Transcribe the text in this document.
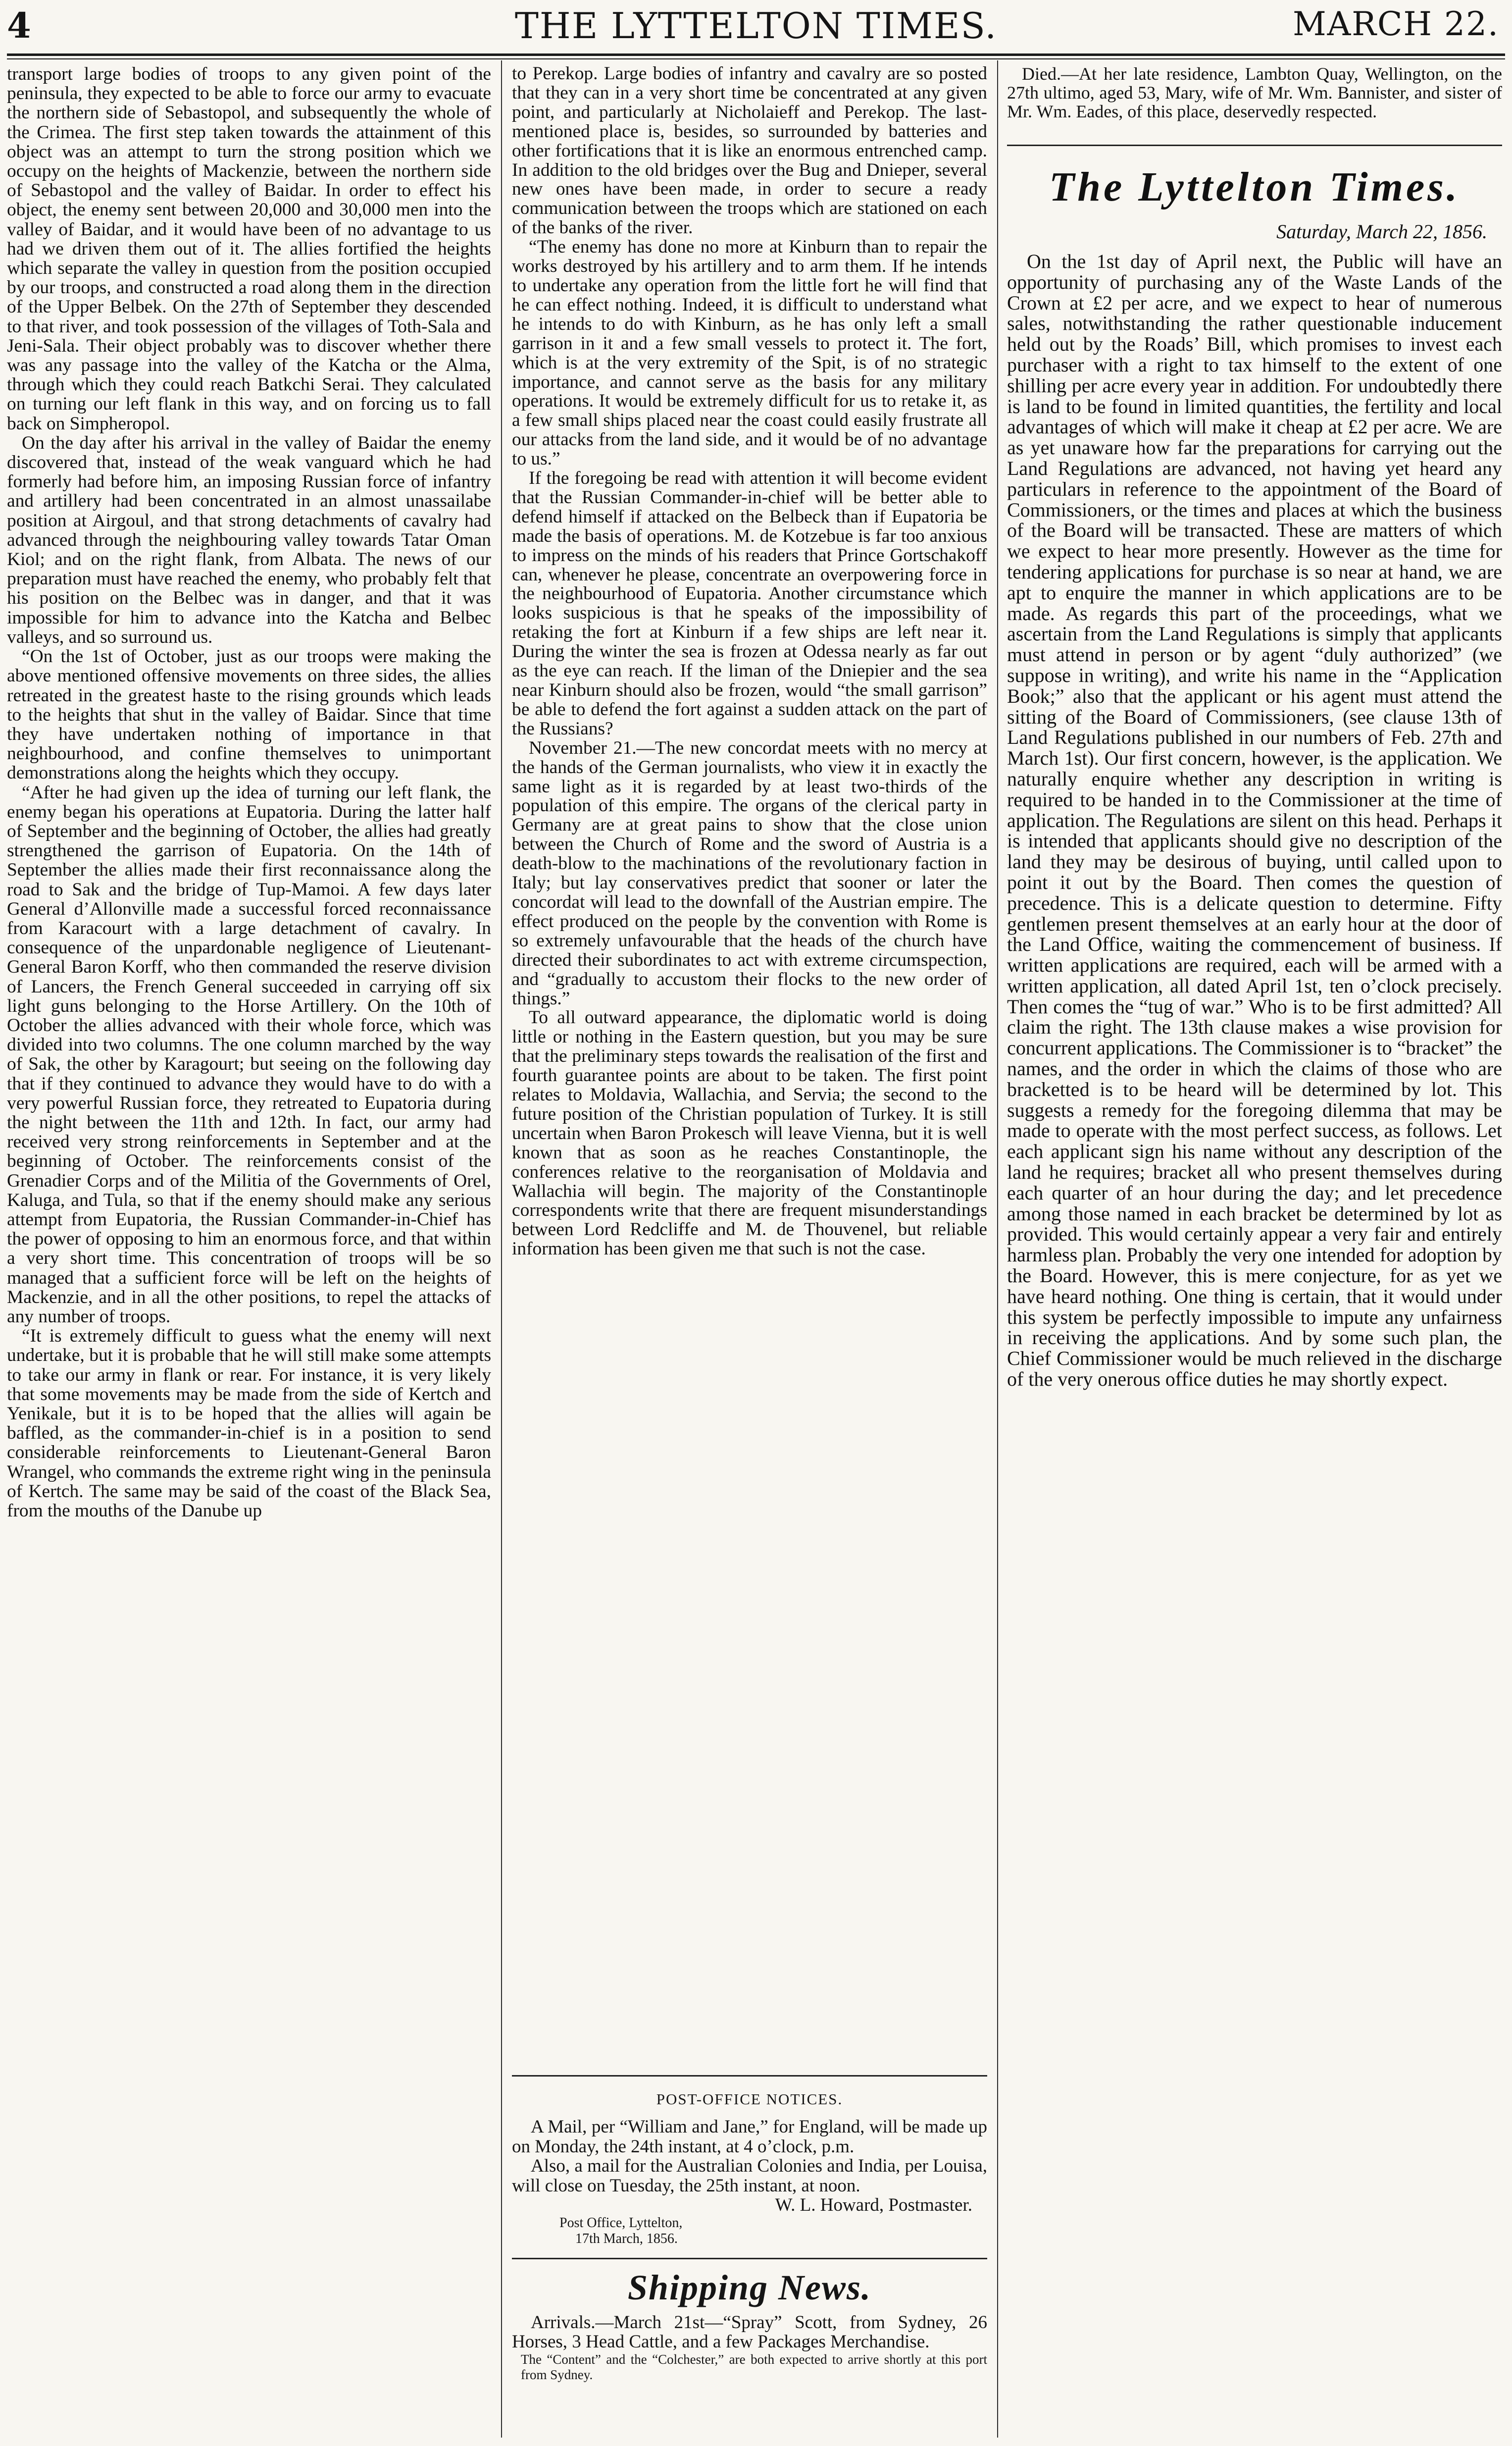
4	THE LYTTELTON TIMES.	MARCH 22.

transport large bodies of troops to any given point of the peninsula, they expected to be able to force our army to evacuate the northern side of Sebastopol, and subsequently the whole of the Crimea. The first step taken towards the attainment of this object was an attempt to turn the strong position which we occupy on the heights of Mackenzie, between the northern side of Sebastopol and the valley of Baidar. In order to effect his object, the enemy sent between 20,000 and 30,000 men into the valley of Baidar, and it would have been of no advantage to us had we driven them out of it. The allies fortified the heights which separate the valley in question from the position occupied by our troops, and constructed a road along them in the direction of the Upper Belbek. On the 27th of September they descended to that river, and took possession of the villages of Toth-Sala and Jeni-Sala. Their object probably was to discover whether there was any passage into the valley of the Katcha or the Alma, through which they could reach Batkchi Serai. They calculated on turning our left flank in this way, and on forcing us to fall back on Simpheropol.

On the day after his arrival in the valley of Baidar the enemy discovered that, instead of the weak vanguard which he had formerly had before him, an imposing Russian force of infantry and artillery had been concentrated in an almost unassailabe position at Airgoul, and that strong detachments of cavalry had advanced through the neighbouring valley towards Tatar Oman Kiol; and on the right flank, from Albata. The news of our preparation must have reached the enemy, who probably felt that his position on the Belbec was in danger, and that it was impossible for him to advance into the Katcha and Belbec valleys, and so surround us.

“On the 1st of October, just as our troops were making the above mentioned offensive movements on three sides, the allies retreated in the greatest haste to the rising grounds which leads to the heights that shut in the valley of Baidar. Since that time they have undertaken nothing of importance in that neighbourhood, and confine themselves to unimportant demonstrations along the heights which they occupy.

“After he had given up the idea of turning our left flank, the enemy began his operations at Eupatoria. During the latter half of September and the beginning of October, the allies had greatly strengthened the garrison of Eupatoria. On the 14th of September the allies made their first reconnaissance along the road to Sak and the bridge of Tup-Mamoi. A few days later General d’Allonville made a successful forced reconnaissance from Karacourt with a large detachment of cavalry. In consequence of the unpardonable negligence of Lieutenant-General Baron Korff, who then commanded the reserve division of Lancers, the French General succeeded in carrying off six light guns belonging to the Horse Artillery. On the 10th of October the allies advanced with their whole force, which was divided into two columns. The one column marched by the way of Sak, the other by Karagourt; but seeing on the following day that if they continued to advance they would have to do with a very powerful Russian force, they retreated to Eupatoria during the night between the 11th and 12th. In fact, our army had received very strong reinforcements in September and at the beginning of October. The reinforcements consist of the Grenadier Corps and of the Militia of the Governments of Orel, Kaluga, and Tula, so that if the enemy should make any serious attempt from Eupatoria, the Russian Commander-in-Chief has the power of opposing to him an enormous force, and that within a very short time. This concentration of troops will be so managed that a sufficient force will be left on the heights of Mackenzie, and in all the other positions, to repel the attacks of any number of troops.

“It is extremely difficult to guess what the enemy will next undertake, but it is probable that he will still make some attempts to take our army in flank or rear. For instance, it is very likely that some movements may be made from the side of Kertch and Yenikale, but it is to be hoped that the allies will again be baffled, as the commander-in-chief is in a position to send considerable reinforcements to Lieutenant-General Baron Wrangel, who commands the extreme right wing in the peninsula of Kertch. The same may be said of the coast of the Black Sea, from the mouths of the Danube up

to Perekop. Large bodies of infantry and cavalry are so posted that they can in a very short time be concentrated at any given point, and particularly at Nicholaieff and Perekop. The last-mentioned place is, besides, so surrounded by batteries and other fortifications that it is like an enormous entrenched camp. In addition to the old bridges over the Bug and Dnieper, several new ones have been made, in order to secure a ready communication between the troops which are stationed on each of the banks of the river.

“The enemy has done no more at Kinburn than to repair the works destroyed by his artillery and to arm them. If he intends to undertake any operation from the little fort he will find that he can effect nothing. Indeed, it is difficult to understand what he intends to do with Kinburn, as he has only left a small garrison in it and a few small vessels to protect it. The fort, which is at the very extremity of the Spit, is of no strategic importance, and cannot serve as the basis for any military operations. It would be extremely difficult for us to retake it, as a few small ships placed near the coast could easily frustrate all our attacks from the land side, and it would be of no advantage to us.”

If the foregoing be read with attention it will become evident that the Russian Commander-in-chief will be better able to defend himself if attacked on the Belbeck than if Eupatoria be made the basis of operations. M. de Kotzebue is far too anxious to impress on the minds of his readers that Prince Gortschakoff can, whenever he please, concentrate an overpowering force in the neighbourhood of Eupatoria. Another circumstance which looks suspicious is that he speaks of the impossibility of retaking the fort at Kinburn if a few ships are left near it. During the winter the sea is frozen at Odessa nearly as far out as the eye can reach. If the liman of the Dniepier and the sea near Kinburn should also be frozen, would “the small garrison” be able to defend the fort against a sudden attack on the part of the Russians?

November 21.—The new concordat meets with no mercy at the hands of the German journalists, who view it in exactly the same light as it is regarded by at least two-thirds of the population of this empire. The organs of the clerical party in Germany are at great pains to show that the close union between the Church of Rome and the sword of Austria is a death-blow to the machinations of the revolutionary faction in Italy; but lay conservatives predict that sooner or later the concordat will lead to the downfall of the Austrian empire. The effect produced on the people by the convention with Rome is so extremely unfavourable that the heads of the church have directed their subordinates to act with extreme circumspection, and “gradually to accustom their flocks to the new order of things.”

To all outward appearance, the diplomatic world is doing little or nothing in the Eastern question, but you may be sure that the preliminary steps towards the realisation of the first and fourth guarantee points are about to be taken. The first point relates to Moldavia, Wallachia, and Servia; the second to the future position of the Christian population of Turkey. It is still uncertain when Baron Prokesch will leave Vienna, but it is well known that as soon as he reaches Constantinople, the conferences relative to the reorganisation of Moldavia and Wallachia will begin. The majority of the Constantinople correspondents write that there are frequent misunderstandings between Lord Redcliffe and M. de Thouvenel, but reliable information has been given me that such is not the case.

POST-OFFICE NOTICES.

A Mail, per “William and Jane,” for England, will be made up on Monday, the 24th instant, at 4 o’clock, p.m.

Also, a mail for the Australian Colonies and India, per Louisa, will close on Tuesday, the 25th instant, at noon.

W. L. Howard, Postmaster.

Post Office, Lyttelton,

17th March, 1856.

Shipping News.

Arrivals.—March 21st—“Spray” Scott, from Sydney, 26 Horses, 3 Head Cattle, and a few Packages Merchandise.

The “Content” and the “Colchester,” are both expected to arrive shortly at this port from Sydney.

Died.—At her late residence, Lambton Quay, Wellington, on the 27th ultimo, aged 53, Mary, wife of Mr. Wm. Bannister, and sister of Mr. Wm. Eades, of this place, deservedly respected.

The Lyttelton Times.
Saturday, March 22, 1856.

On the 1st day of April next, the Public will have an opportunity of purchasing any of the Waste Lands of the Crown at £2 per acre, and we expect to hear of numerous sales, notwithstanding the rather questionable inducement held out by the Roads’ Bill, which promises to invest each purchaser with a right to tax himself to the extent of one shilling per acre every year in addition. For undoubtedly there is land to be found in limited quantities, the fertility and local advantages of which will make it cheap at £2 per acre. We are as yet unaware how far the preparations for carrying out the Land Regulations are advanced, not having yet heard any particulars in reference to the appointment of the Board of Commissioners, or the times and places at which the business of the Board will be transacted. These are matters of which we expect to hear more presently. However as the time for tendering applications for purchase is so near at hand, we are apt to enquire the manner in which applications are to be made. As regards this part of the proceedings, what we ascertain from the Land Regulations is simply that applicants must attend in person or by agent “duly authorized” (we suppose in writing), and write his name in the “Application Book;” also that the applicant or his agent must attend the sitting of the Board of Commissioners, (see clause 13th of Land Regulations published in our numbers of Feb. 27th and March 1st). Our first concern, however, is the application. We naturally enquire whether any description in writing is required to be handed in to the Commissioner at the time of application. The Regulations are silent on this head. Perhaps it is intended that applicants should give no description of the land they may be desirous of buying, until called upon to point it out by the Board. Then comes the question of precedence. This is a delicate question to determine. Fifty gentlemen present themselves at an early hour at the door of the Land Office, waiting the commencement of business. If written applications are required, each will be armed with a written application, all dated April 1st, ten o’clock precisely. Then comes the “tug of war.” Who is to be first admitted? All claim the right. The 13th clause makes a wise provision for concurrent applications. The Commissioner is to “bracket” the names, and the order in which the claims of those who are bracketted is to be heard will be determined by lot. This suggests a remedy for the foregoing dilemma that may be made to operate with the most perfect success, as follows. Let each applicant sign his name without any description of the land he requires; bracket all who present themselves during each quarter of an hour during the day; and let precedence among those named in each bracket be determined by lot as provided. This would certainly appear a very fair and entirely harmless plan. Probably the very one intended for adoption by the Board. However, this is mere conjecture, for as yet we have heard nothing. One thing is certain, that it would under this system be perfectly impossible to impute any unfairness in receiving the applications. And by some such plan, the Chief Commissioner would be much relieved in the discharge of the very onerous office duties he may shortly expect.
